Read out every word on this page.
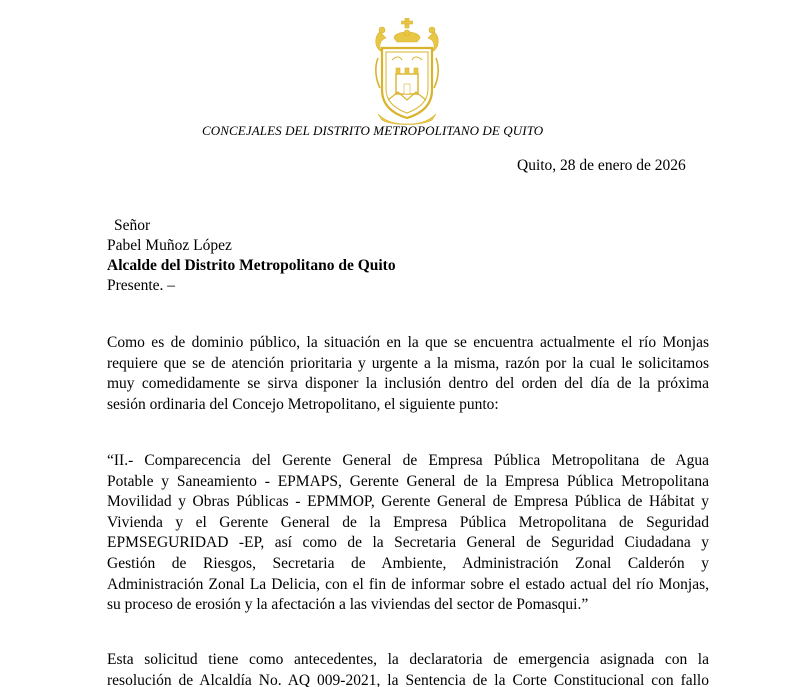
CONCEJALES DEL DISTRITO METROPOLITANO DE QUITO
Quito, 28 de enero de 2026
Señor
Pabel Muñoz López
Alcalde del Distrito Metropolitano de Quito
Presente. –

Como es de dominio público, la situación en la que se encuentra actualmente el río Monjas
requiere que se de atención prioritaria y urgente a la misma, razón por la cual le solicitamos
muy comedidamente se sirva disponer la inclusión dentro del orden del día de la próxima
sesión ordinaria del Concejo Metropolitano, el siguiente punto:

“II.- Comparecencia del Gerente General de Empresa Pública Metropolitana de Agua
Potable y Saneamiento - EPMAPS, Gerente General de la Empresa Pública Metropolitana
Movilidad y Obras Públicas - EPMMOP, Gerente General de Empresa Pública de Hábitat y
Vivienda y el Gerente General de la Empresa Pública Metropolitana de Seguridad
EPMSEGURIDAD -EP, así como de la Secretaria General de Seguridad Ciudadana y
Gestión de Riesgos, Secretaria de Ambiente, Administración Zonal Calderón y
Administración Zonal La Delicia, con el fin de informar sobre el estado actual del río Monjas,
su proceso de erosión y la afectación a las viviendas del sector de Pomasqui.”

Esta solicitud tiene como antecedentes, la declaratoria de emergencia asignada con la
resolución de Alcaldía No. AQ 009-2021, la Sentencia de la Corte Constitucional con fallo
